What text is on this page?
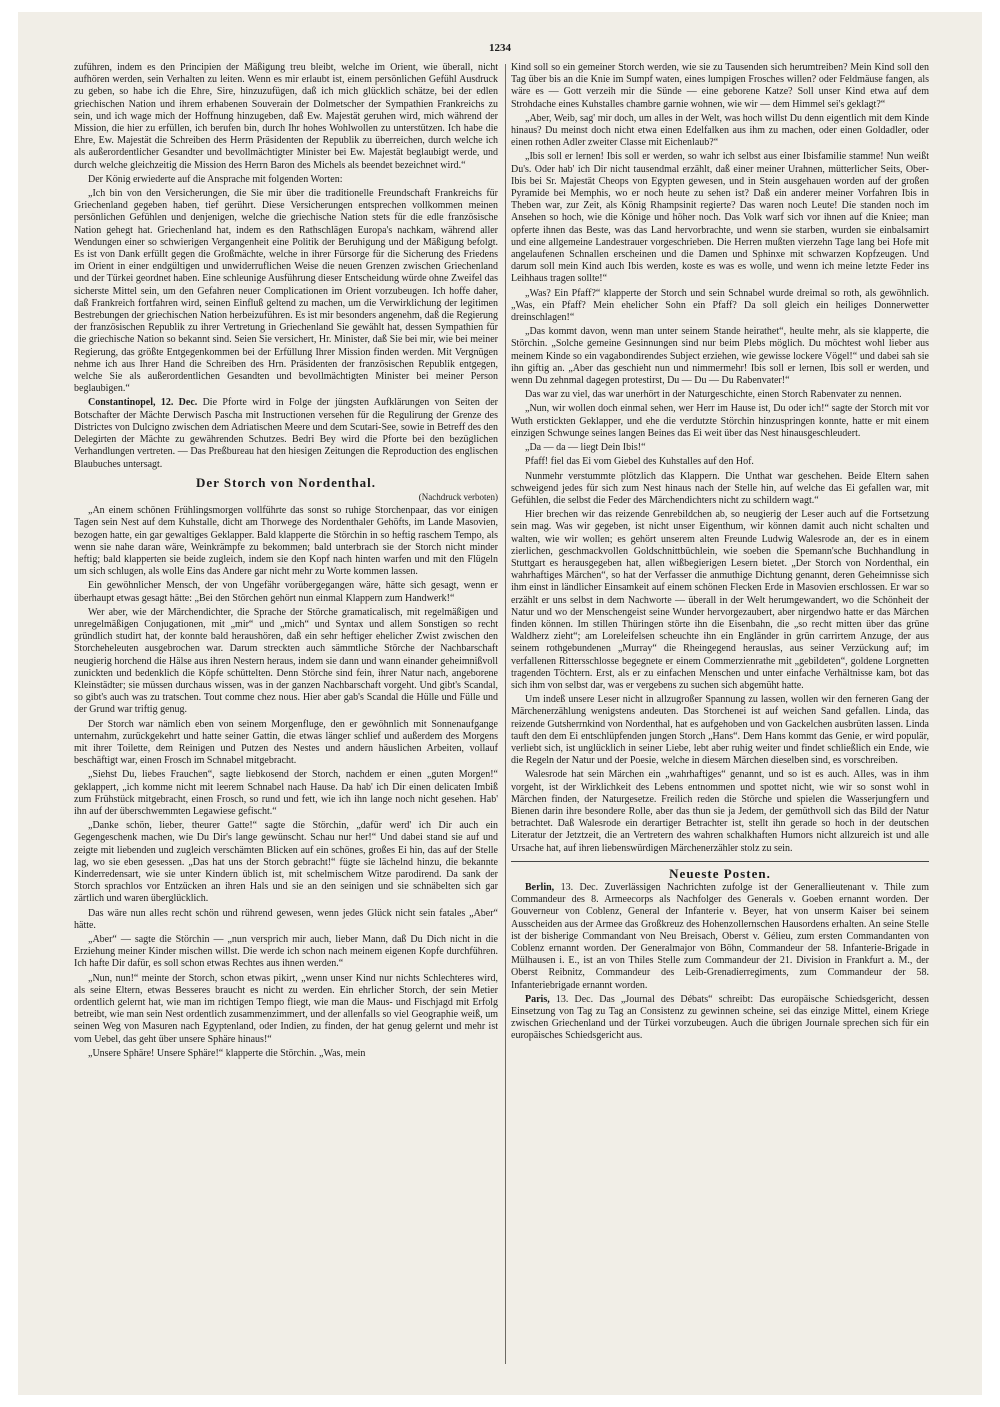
1234

zuführen, indem es den Principien der Mäßigung treu bleibt, welche im Orient, wie überall, nicht aufhören werden, sein Verhalten zu leiten. Wenn es mir erlaubt ist, einem persönlichen Gefühl Ausdruck zu geben, so habe ich die Ehre, Sire, hinzuzufügen, daß ich mich glücklich schätze, bei der edlen griechischen Nation und ihrem erhabenen Souverain der Dolmetscher der Sympathien Frankreichs zu sein, und ich wage mich der Hoffnung hinzugeben, daß Ew. Majestät geruhen wird, mich während der Mission, die hier zu erfüllen, ich berufen bin, durch Ihr hohes Wohlwollen zu unterstützen. Ich habe die Ehre, Ew. Majestät die Schreiben des Herrn Präsidenten der Republik zu überreichen, durch welche ich als außerordentlicher Gesandter und bevollmächtigter Minister bei Ew. Majestät beglaubigt werde, und durch welche gleichzeitig die Mission des Herrn Baron des Michels als beendet bezeichnet wird.“

Der König erwiederte auf die Ansprache mit folgenden Worten:

„Ich bin von den Versicherungen, die Sie mir über die traditionelle Freundschaft Frankreichs für Griechenland gegeben haben, tief gerührt. Diese Versicherungen entsprechen vollkommen meinen persönlichen Gefühlen und denjenigen, welche die griechische Nation stets für die edle französische Nation gehegt hat. Griechenland hat, indem es den Rathschlägen Europa's nachkam, während aller Wendungen einer so schwierigen Vergangenheit eine Politik der Beruhigung und der Mäßigung befolgt. Es ist von Dank erfüllt gegen die Großmächte, welche in ihrer Fürsorge für die Sicherung des Friedens im Orient in einer endgültigen und unwiderruflichen Weise die neuen Grenzen zwischen Griechenland und der Türkei geordnet haben. Eine schleunige Ausführung dieser Entscheidung würde ohne Zweifel das sicherste Mittel sein, um den Gefahren neuer Complicationen im Orient vorzubeugen. Ich hoffe daher, daß Frankreich fortfahren wird, seinen Einfluß geltend zu machen, um die Verwirklichung der legitimen Bestrebungen der griechischen Nation herbeizuführen. Es ist mir besonders angenehm, daß die Regierung der französischen Republik zu ihrer Vertretung in Griechenland Sie gewählt hat, dessen Sympathien für die griechische Nation so bekannt sind. Seien Sie versichert, Hr. Minister, daß Sie bei mir, wie bei meiner Regierung, das größte Entgegenkommen bei der Erfüllung Ihrer Mission finden werden. Mit Vergnügen nehme ich aus Ihrer Hand die Schreiben des Hrn. Präsidenten der französischen Republik entgegen, welche Sie als außerordentlichen Gesandten und bevollmächtigten Minister bei meiner Person beglaubigen.“

Constantinopel, 12. Dec. Die Pforte wird in Folge der jüngsten Aufklärungen von Seiten der Botschafter der Mächte Derwisch Pascha mit Instructionen versehen für die Regulirung der Grenze des Districtes von Dulcigno zwischen dem Adriatischen Meere und dem Scutari-See, sowie in Betreff des den Delegirten der Mächte zu gewährenden Schutzes. Bedri Bey wird die Pforte bei den bezüglichen Verhandlungen vertreten. — Das Preßbureau hat den hiesigen Zeitungen die Reproduction des englischen Blaubuches untersagt.

Der Storch von Nordenthal.
(Nachdruck verboten)

„An einem schönen Frühlingsmorgen vollführte das sonst so ruhige Storchenpaar, das vor einigen Tagen sein Nest auf dem Kuhstalle, dicht am Thorwege des Nordenthaler Gehöfts, im Lande Masovien, bezogen hatte, ein gar gewaltiges Geklapper. Bald klapperte die Störchin in so heftig raschem Tempo, als wenn sie nahe daran wäre, Weinkrämpfe zu bekommen; bald unterbrach sie der Storch nicht minder heftig; bald klapperten sie beide zugleich, indem sie den Kopf nach hinten warfen und mit den Flügeln um sich schlugen, als wolle Eins das Andere gar nicht mehr zu Worte kommen lassen.

Ein gewöhnlicher Mensch, der von Ungefähr vorübergegangen wäre, hätte sich gesagt, wenn er überhaupt etwas gesagt hätte: „Bei den Störchen gehört nun einmal Klappern zum Handwerk!“

Wer aber, wie der Märchendichter, die Sprache der Störche gramaticalisch, mit regelmäßigen und unregelmäßigen Conjugationen, mit „mir“ und „mich“ und Syntax und allem Sonstigen so recht gründlich studirt hat, der konnte bald heraushören, daß ein sehr heftiger ehelicher Zwist zwischen den Storcheheleuten ausgebrochen war. Darum streckten auch sämmtliche Störche der Nachbarschaft neugierig horchend die Hälse aus ihren Nestern heraus, indem sie dann und wann einander geheimnißvoll zunickten und bedenklich die Köpfe schüttelten. Denn Störche sind fein, ihrer Natur nach, angeborene Kleinstädter; sie müssen durchaus wissen, was in der ganzen Nachbarschaft vorgeht. Und gibt's Scandal, so gibt's auch was zu tratschen. Tout comme chez nous. Hier aber gab's Scandal die Hülle und Fülle und der Grund war triftig genug.

Der Storch war nämlich eben von seinem Morgenfluge, den er gewöhnlich mit Sonnenaufgange unternahm, zurückgekehrt und hatte seiner Gattin, die etwas länger schlief und außerdem des Morgens mit ihrer Toilette, dem Reinigen und Putzen des Nestes und andern häuslichen Arbeiten, vollauf beschäftigt war, einen Frosch im Schnabel mitgebracht.

„Siehst Du, liebes Frauchen“, sagte liebkosend der Storch, nachdem er einen „guten Morgen!“ geklappert, „ich komme nicht mit leerem Schnabel nach Hause. Da hab' ich Dir einen delicaten Imbiß zum Frühstück mitgebracht, einen Frosch, so rund und fett, wie ich ihn lange noch nicht gesehen. Hab' ihn auf der überschwemmten Legawiese gefischt.“

„Danke schön, lieber, theurer Gatte!“ sagte die Störchin, „dafür werd' ich Dir auch ein Gegengeschenk machen, wie Du Dir's lange gewünscht. Schau nur her!“ Und dabei stand sie auf und zeigte mit liebenden und zugleich verschämten Blicken auf ein schönes, großes Ei hin, das auf der Stelle lag, wo sie eben gesessen. „Das hat uns der Storch gebracht!“ fügte sie lächelnd hinzu, die bekannte Kinderredensart, wie sie unter Kindern üblich ist, mit schelmischem Witze parodirend. Da sank der Storch sprachlos vor Entzücken an ihren Hals und sie an den seinigen und sie schnäbelten sich gar zärtlich und waren überglücklich.

Das wäre nun alles recht schön und rührend gewesen, wenn jedes Glück nicht sein fatales „Aber“ hätte.

„Aber“ — sagte die Störchin — „nun versprich mir auch, lieber Mann, daß Du Dich nicht in die Erziehung meiner Kinder mischen willst. Die werde ich schon nach meinem eigenen Kopfe durchführen. Ich hafte Dir dafür, es soll schon etwas Rechtes aus ihnen werden.“

„Nun, nun!“ meinte der Storch, schon etwas pikirt, „wenn unser Kind nur nichts Schlechteres wird, als seine Eltern, etwas Besseres braucht es nicht zu werden. Ein ehrlicher Storch, der sein Metier ordentlich gelernt hat, wie man im richtigen Tempo fliegt, wie man die Maus- und Fischjagd mit Erfolg betreibt, wie man sein Nest ordentlich zusammenzimmert, und der allenfalls so viel Geographie weiß, um seinen Weg von Masuren nach Egyptenland, oder Indien, zu finden, der hat genug gelernt und mehr ist vom Uebel, das geht über unsere Sphäre hinaus!“

„Unsere Sphäre! Unsere Sphäre!“ klapperte die Störchin. „Was, mein

Kind soll so ein gemeiner Storch werden, wie sie zu Tausenden sich herumtreiben? Mein Kind soll den Tag über bis an die Knie im Sumpf waten, eines lumpigen Frosches willen? oder Feldmäuse fangen, als wäre es — Gott verzeih mir die Sünde — eine geborene Katze? Soll unser Kind etwa auf dem Strohdache eines Kuhstalles chambre garnie wohnen, wie wir — dem Himmel sei's geklagt?“

„Aber, Weib, sag' mir doch, um alles in der Welt, was hoch willst Du denn eigentlich mit dem Kinde hinaus? Du meinst doch nicht etwa einen Edelfalken aus ihm zu machen, oder einen Goldadler, oder einen rothen Adler zweiter Classe mit Eichenlaub?“

„Ibis soll er lernen! Ibis soll er werden, so wahr ich selbst aus einer Ibisfamilie stamme! Nun weißt Du's. Oder hab' ich Dir nicht tausendmal erzählt, daß einer meiner Urahnen, mütterlicher Seits, Ober-Ibis bei Sr. Majestät Cheops von Egypten gewesen, und in Stein ausgehauen worden auf der großen Pyramide bei Memphis, wo er noch heute zu sehen ist? Daß ein anderer meiner Vorfahren Ibis in Theben war, zur Zeit, als König Rhampsinit regierte? Das waren noch Leute! Die standen noch im Ansehen so hoch, wie die Könige und höher noch. Das Volk warf sich vor ihnen auf die Kniee; man opferte ihnen das Beste, was das Land hervorbrachte, und wenn sie starben, wurden sie einbalsamirt und eine allgemeine Landestrauer vorgeschrieben. Die Herren mußten vierzehn Tage lang bei Hofe mit angelaufenen Schnallen erscheinen und die Damen und Sphinxe mit schwarzen Kopfzeugen. Und darum soll mein Kind auch Ibis werden, koste es was es wolle, und wenn ich meine letzte Feder ins Leihhaus tragen sollte!“

„Was? Ein Pfaff?“ klapperte der Storch und sein Schnabel wurde dreimal so roth, als gewöhnlich. „Was, ein Pfaff? Mein ehelicher Sohn ein Pfaff? Da soll gleich ein heiliges Donnerwetter dreinschlagen!“

„Das kommt davon, wenn man unter seinem Stande heirathet“, heulte mehr, als sie klapperte, die Störchin. „Solche gemeine Gesinnungen sind nur beim Plebs möglich. Du möchtest wohl lieber aus meinem Kinde so ein vagabondirendes Subject erziehen, wie gewisse lockere Vögel!“ und dabei sah sie ihn giftig an. „Aber das geschieht nun und nimmermehr! Ibis soll er lernen, Ibis soll er werden, und wenn Du zehnmal dagegen protestirst, Du — Du — Du Rabenvater!“

Das war zu viel, das war unerhört in der Naturgeschichte, einen Storch Rabenvater zu nennen.

„Nun, wir wollen doch einmal sehen, wer Herr im Hause ist, Du oder ich!“ sagte der Storch mit vor Wuth erstickten Geklapper, und ehe die verdutzte Störchin hinzuspringen konnte, hatte er mit einem einzigen Schwunge seines langen Beines das Ei weit über das Nest hinausgeschleudert.

„Da — da — liegt Dein Ibis!“

Pfaff! fiel das Ei vom Giebel des Kuhstalles auf den Hof.

Nunmehr verstummte plötzlich das Klappern. Die Unthat war geschehen. Beide Eltern sahen schweigend jedes für sich zum Nest hinaus nach der Stelle hin, auf welche das Ei gefallen war, mit Gefühlen, die selbst die Feder des Märchendichters nicht zu schildern wagt.“

Hier brechen wir das reizende Genrebildchen ab, so neugierig der Leser auch auf die Fortsetzung sein mag. Was wir gegeben, ist nicht unser Eigenthum, wir können damit auch nicht schalten und walten, wie wir wollen; es gehört unserem alten Freunde Ludwig Walesrode an, der es in einem zierlichen, geschmackvollen Goldschnittbüchlein, wie soeben die Spemann'sche Buchhandlung in Stuttgart es herausgegeben hat, allen wißbegierigen Lesern bietet. „Der Storch von Nordenthal, ein wahrhaftiges Märchen“, so hat der Verfasser die anmuthige Dichtung genannt, deren Geheimnisse sich ihm einst in ländlicher Einsamkeit auf einem schönen Flecken Erde in Masovien erschlossen. Er war so erzählt er uns selbst in dem Nachworte — überall in der Welt herumgewandert, wo die Schönheit der Natur und wo der Menschengeist seine Wunder hervorgezaubert, aber nirgendwo hatte er das Märchen finden können. Im stillen Thüringen störte ihn die Eisenbahn, die „so recht mitten über das grüne Waldherz zieht“; am Loreleifelsen scheuchte ihn ein Engländer in grün carrirtem Anzuge, der aus seinem rothgebundenen „Murray“ die Rheingegend herauslas, aus seiner Verzückung auf; im verfallenen Rittersschlosse begegnete er einem Commerzienrathe mit „gebildeten“, goldene Lorgnetten tragenden Töchtern. Erst, als er zu einfachen Menschen und unter einfache Verhältnisse kam, bot das sich ihm von selbst dar, was er vergebens zu suchen sich abgemüht hatte.

Um indeß unsere Leser nicht in allzugroßer Spannung zu lassen, wollen wir den ferneren Gang der Märchenerzählung wenigstens andeuten. Das Storchenei ist auf weichen Sand gefallen. Linda, das reizende Gutsherrnkind von Nordenthal, hat es aufgehoben und von Gackelchen ausbrüten lassen. Linda tauft den dem Ei entschlüpfenden jungen Storch „Hans“. Dem Hans kommt das Genie, er wird populär, verliebt sich, ist unglücklich in seiner Liebe, lebt aber ruhig weiter und findet schließlich ein Ende, wie die Regeln der Natur und der Poesie, welche in diesem Märchen dieselben sind, es vorschreiben.

Walesrode hat sein Märchen ein „wahrhaftiges“ genannt, und so ist es auch. Alles, was in ihm vorgeht, ist der Wirklichkeit des Lebens entnommen und spottet nicht, wie wir so sonst wohl in Märchen finden, der Naturgesetze. Freilich reden die Störche und spielen die Wasserjungfern und Bienen darin ihre besondere Rolle, aber das thun sie ja Jedem, der gemüthvoll sich das Bild der Natur betrachtet. Daß Walesrode ein derartiger Betrachter ist, stellt ihn gerade so hoch in der deutschen Literatur der Jetztzeit, die an Vertretern des wahren schalkhaften Humors nicht allzureich ist und alle Ursache hat, auf ihren liebenswürdigen Märchenerzähler stolz zu sein.

Neueste Posten.

Berlin, 13. Dec. Zuverlässigen Nachrichten zufolge ist der Generallieutenant v. Thile zum Commandeur des 8. Armeecorps als Nachfolger des Generals v. Goeben ernannt worden. Der Gouverneur von Coblenz, General der Infanterie v. Beyer, hat von unserm Kaiser bei seinem Ausscheiden aus der Armee das Großkreuz des Hohenzollernschen Hausordens erhalten. An seine Stelle ist der bisherige Commandant von Neu Breisach, Oberst v. Gélieu, zum ersten Commandanten von Coblenz ernannt worden. Der Generalmajor von Böhn, Commandeur der 58. Infanterie-Brigade in Mülhausen i. E., ist an von Thiles Stelle zum Commandeur der 21. Division in Frankfurt a. M., der Oberst Reibnitz, Commandeur des Leib-Grenadierregiments, zum Commandeur der 58. Infanteriebrigade ernannt worden.

Paris, 13. Dec. Das „Journal des Débats“ schreibt: Das europäische Schiedsgericht, dessen Einsetzung von Tag zu Tag an Consistenz zu gewinnen scheine, sei das einzige Mittel, einem Kriege zwischen Griechenland und der Türkei vorzubeugen. Auch die übrigen Journale sprechen sich für ein europäisches Schiedsgericht aus.
